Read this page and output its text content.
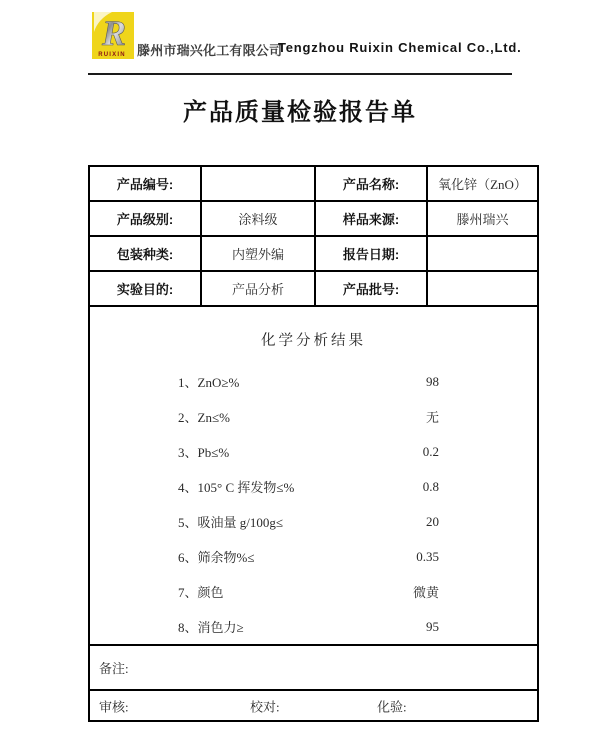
R
RUIXIN 滕州市瑞兴化工有限公司
Tengzhou Ruixin Chemical Co.,Ltd.
产品质量检验报告单
产品编号:		产品名称:	氧化锌（ZnO）
产品级别:	涂料级	样品来源:	滕州瑞兴
包装种类:	内塑外编	报告日期:	
实验目的:	产品分析	产品批号:	

化学分析结果
1、ZnO≥%	98
2、Zn≤%	无
3、Pb≤%	0.2
4、105° C 挥发物≤%	0.8
5、吸油量 g/100g≤	20
6、筛余物%≤	0.35
7、颜色	微黄
8、消色力≥	95

备注:			

审核: 校对: 化验:			
